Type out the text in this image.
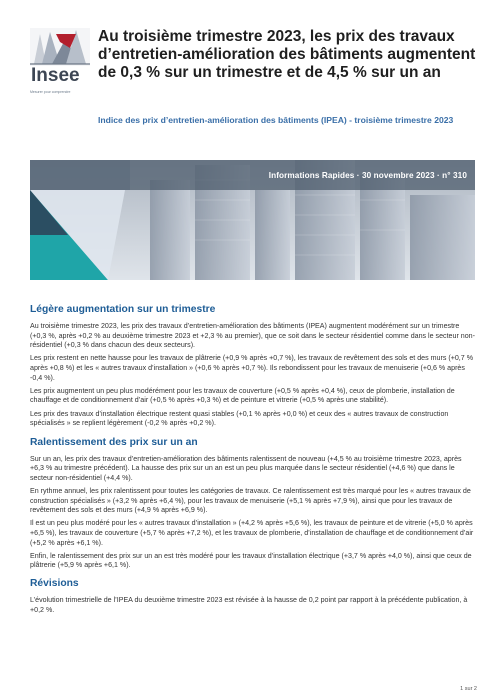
Insee
Mesurer pour comprendre
Au troisième trimestre 2023, les prix des travaux d’entretien-amélioration des bâtiments augmentent de 0,3 % sur un trimestre et de 4,5 % sur un an
Indice des prix d’entretien-amélioration des bâtiments (IPEA) - troisième trimestre 2023
Informations Rapides · 30 novembre 2023 · n° 310
Légère augmentation sur un trimestre

Au troisième trimestre 2023, les prix des travaux d’entretien-amélioration des bâtiments (IPEA) augmentent modérément sur un trimestre (+0,3 %, après +0,2 % au deuxième trimestre 2023 et +2,3 % au premier), que ce soit dans le secteur résidentiel comme dans le secteur non-résidentiel (+0,3 % dans chacun des deux secteurs).

Les prix restent en nette hausse pour les travaux de plâtrerie (+0,9 % après +0,7 %), les travaux de revêtement des sols et des murs (+0,7 % après +0,8 %) et les « autres travaux d’installation » (+0,6 % après +0,7 %). Ils rebondissent pour les travaux de menuiserie (+0,6 % après -0,4 %).

Les prix augmentent un peu plus modérément pour les travaux de couverture (+0,5 % après +0,4 %), ceux de plomberie, installation de chauffage et de conditionnement d’air (+0,5 % après +0,3 %) et de peinture et vitrerie (+0,5 % après une stabilité).

Les prix des travaux d’installation électrique restent quasi stables (+0,1 % après +0,0 %) et ceux des « autres travaux de construction spécialisés » se replient légèrement (-0,2 % après +0,2 %).

Ralentissement des prix sur un an

Sur un an, les prix des travaux d’entretien-amélioration des bâtiments ralentissent de nouveau (+4,5 % au troisième trimestre 2023, après +6,3 % au trimestre précédent). La hausse des prix sur un an est un peu plus marquée dans le secteur résidentiel (+4,6 %) que dans le secteur non-résidentiel (+4,4 %).

En rythme annuel, les prix ralentissent pour toutes les catégories de travaux. Ce ralentissement est très marqué pour les « autres travaux de construction spécialisés » (+3,2 % après +6,4 %), pour les travaux de menuiserie (+5,1 % après +7,9 %), ainsi que pour les travaux de revêtement des sols et des murs (+4,9 % après +6,9 %).

Il est un peu plus modéré pour les « autres travaux d’installation » (+4,2 % après +5,6 %), les travaux de peinture et de vitrerie (+5,0 % après +6,5 %), les travaux de couverture (+5,7 % après +7,2 %), et les travaux de plomberie, d’installation de chauffage et de conditionnement d’air (+5,2 % après +6,1 %).

Enfin, le ralentissement des prix sur un an est très modéré pour les travaux d’installation électrique (+3,7 % après +4,0 %), ainsi que ceux de plâtrerie (+5,9 % après +6,1 %).

Révisions

L’évolution trimestrielle de l’IPEA du deuxième trimestre 2023 est révisée à la hausse de 0,2 point par rapport à la précédente publication, à +0,2 %.

1 sur 2
